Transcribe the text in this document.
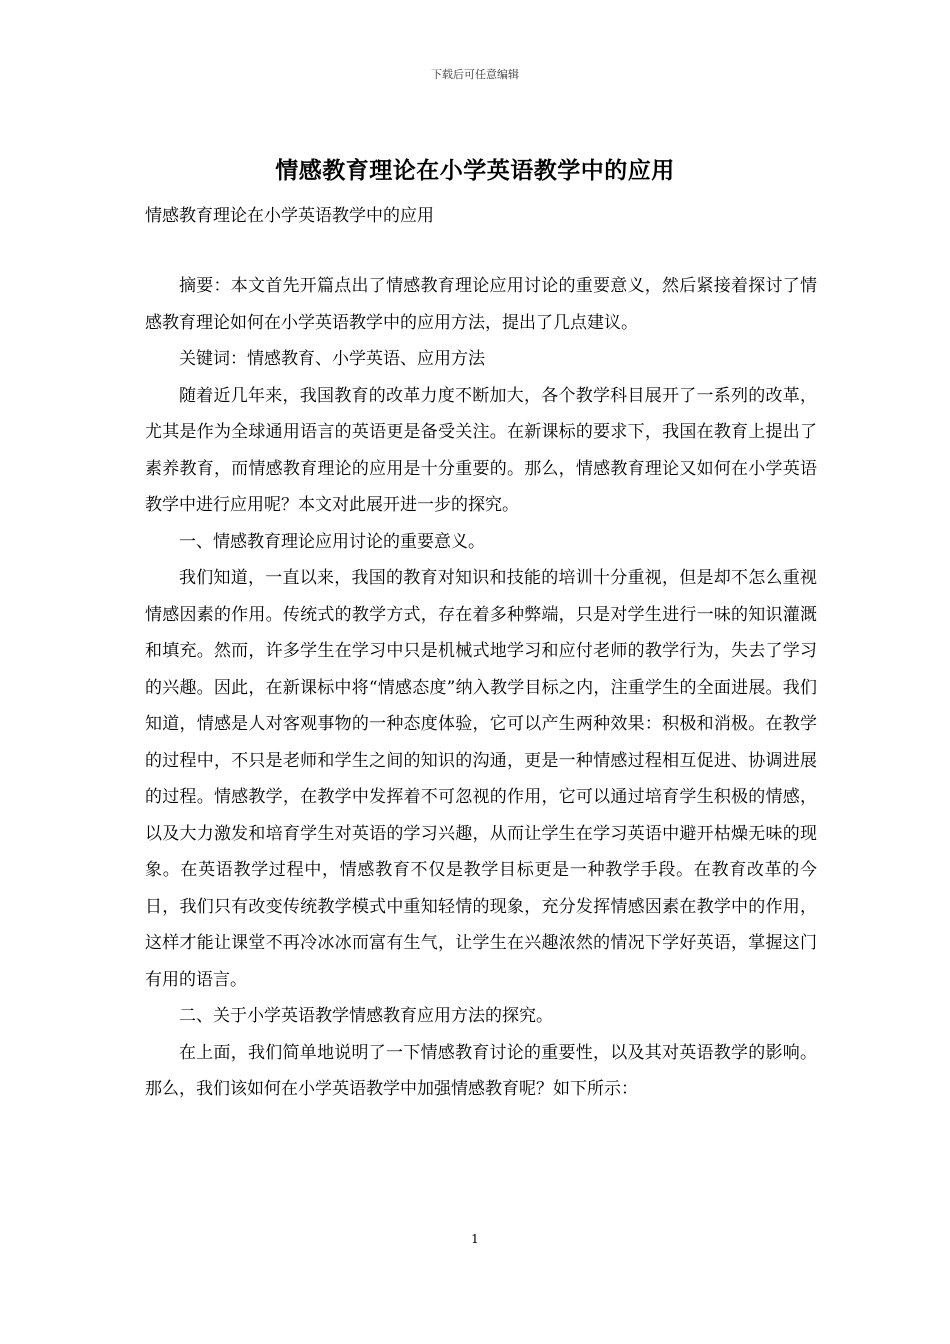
下载后可任意编辑
情感教育理论在小学英语教学中的应用
情感教育理论在小学英语教学中的应用

摘要：本文首先开篇点出了情感教育理论应用讨论的重要意义，然后紧接着探讨了情感教育理论如何在小学英语教学中的应用方法，提出了几点建议。

关键词：情感教育、小学英语、应用方法

随着近几年来，我国教育的改革力度不断加大，各个教学科目展开了一系列的改革，尤其是作为全球通用语言的英语更是备受关注。在新课标的要求下，我国在教育上提出了素养教育，而情感教育理论的应用是十分重要的。那么，情感教育理论又如何在小学英语教学中进行应用呢？本文对此展开进一步的探究。

一、情感教育理论应用讨论的重要意义。

我们知道，一直以来，我国的教育对知识和技能的培训十分重视，但是却不怎么重视情感因素的作用。传统式的教学方式，存在着多种弊端，只是对学生进行一味的知识灌溉和填充。然而，许多学生在学习中只是机械式地学习和应付老师的教学行为，失去了学习的兴趣。因此，在新课标中将“情感态度”纳入教学目标之内，注重学生的全面进展。我们知道，情感是人对客观事物的一种态度体验，它可以产生两种效果：积极和消极。在教学的过程中，不只是老师和学生之间的知识的沟通，更是一种情感过程相互促进、协调进展的过程。情感教学，在教学中发挥着不可忽视的作用，它可以通过培育学生积极的情感，以及大力激发和培育学生对英语的学习兴趣，从而让学生在学习英语中避开枯燥无味的现象。在英语教学过程中，情感教育不仅是教学目标更是一种教学手段。在教育改革的今日，我们只有改变传统教学模式中重知轻情的现象，充分发挥情感因素在教学中的作用，这样才能让课堂不再冷冰冰而富有生气，让学生在兴趣浓然的情况下学好英语，掌握这门有用的语言。

二、关于小学英语教学情感教育应用方法的探究。

在上面，我们简单地说明了一下情感教育讨论的重要性，以及其对英语教学的影响。那么，我们该如何在小学英语教学中加强情感教育呢？如下所示：

1
